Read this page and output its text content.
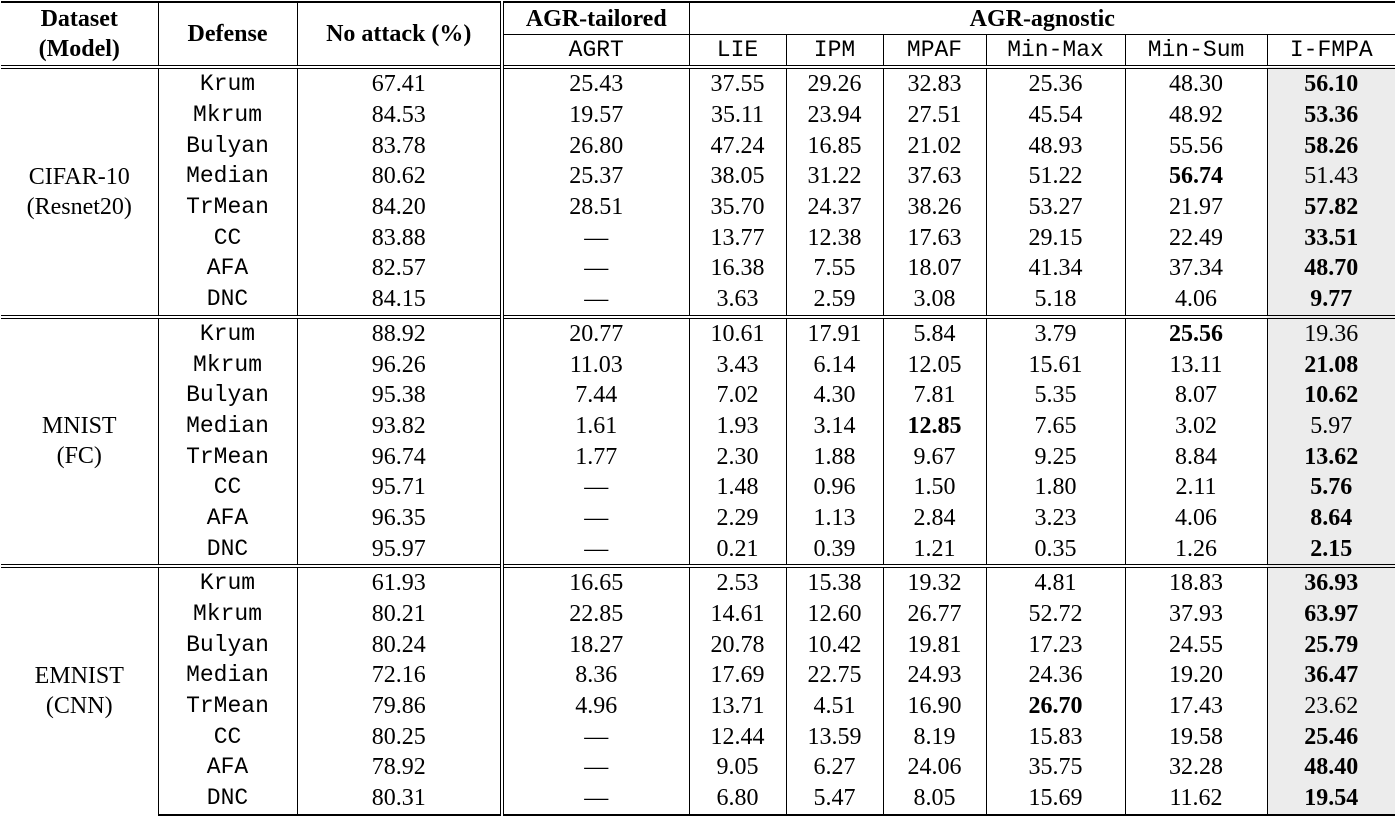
Dataset
(Model)	Defense	No attack (%)	AGR-tailored	AGR-agnostic					
			AGRT	LIE	IPM	MPAF	Min-Max	Min-Sum	I-FMPA

CIFAR-10
(Resnet20)	Krum	67.41	25.43	37.55	29.26	32.83	25.36	48.30	56.10
	Mkrum	84.53	19.57	35.11	23.94	27.51	45.54	48.92	53.36
	Bulyan	83.78	26.80	47.24	16.85	21.02	48.93	55.56	58.26
	Median	80.62	25.37	38.05	31.22	37.63	51.22	56.74	51.43
	TrMean	84.20	28.51	35.70	24.37	38.26	53.27	21.97	57.82
	CC	83.88	—	13.77	12.38	17.63	29.15	22.49	33.51
	AFA	82.57	—	16.38	7.55	18.07	41.34	37.34	48.70
	DNC	84.15	—	3.63	2.59	3.08	5.18	4.06	9.77

MNIST
(FC)	Krum	88.92	20.77	10.61	17.91	5.84	3.79	25.56	19.36
	Mkrum	96.26	11.03	3.43	6.14	12.05	15.61	13.11	21.08
	Bulyan	95.38	7.44	7.02	4.30	7.81	5.35	8.07	10.62
	Median	93.82	1.61	1.93	3.14	12.85	7.65	3.02	5.97
	TrMean	96.74	1.77	2.30	1.88	9.67	9.25	8.84	13.62
	CC	95.71	—	1.48	0.96	1.50	1.80	2.11	5.76
	AFA	96.35	—	2.29	1.13	2.84	3.23	4.06	8.64
	DNC	95.97	—	0.21	0.39	1.21	0.35	1.26	2.15

EMNIST
(CNN)	Krum	61.93	16.65	2.53	15.38	19.32	4.81	18.83	36.93
	Mkrum	80.21	22.85	14.61	12.60	26.77	52.72	37.93	63.97
	Bulyan	80.24	18.27	20.78	10.42	19.81	17.23	24.55	25.79
	Median	72.16	8.36	17.69	22.75	24.93	24.36	19.20	36.47
	TrMean	79.86	4.96	13.71	4.51	16.90	26.70	17.43	23.62
	CC	80.25	—	12.44	13.59	8.19	15.83	19.58	25.46
	AFA	78.92	—	9.05	6.27	24.06	35.75	32.28	48.40
	DNC	80.31	—	6.80	5.47	8.05	15.69	11.62	19.54
